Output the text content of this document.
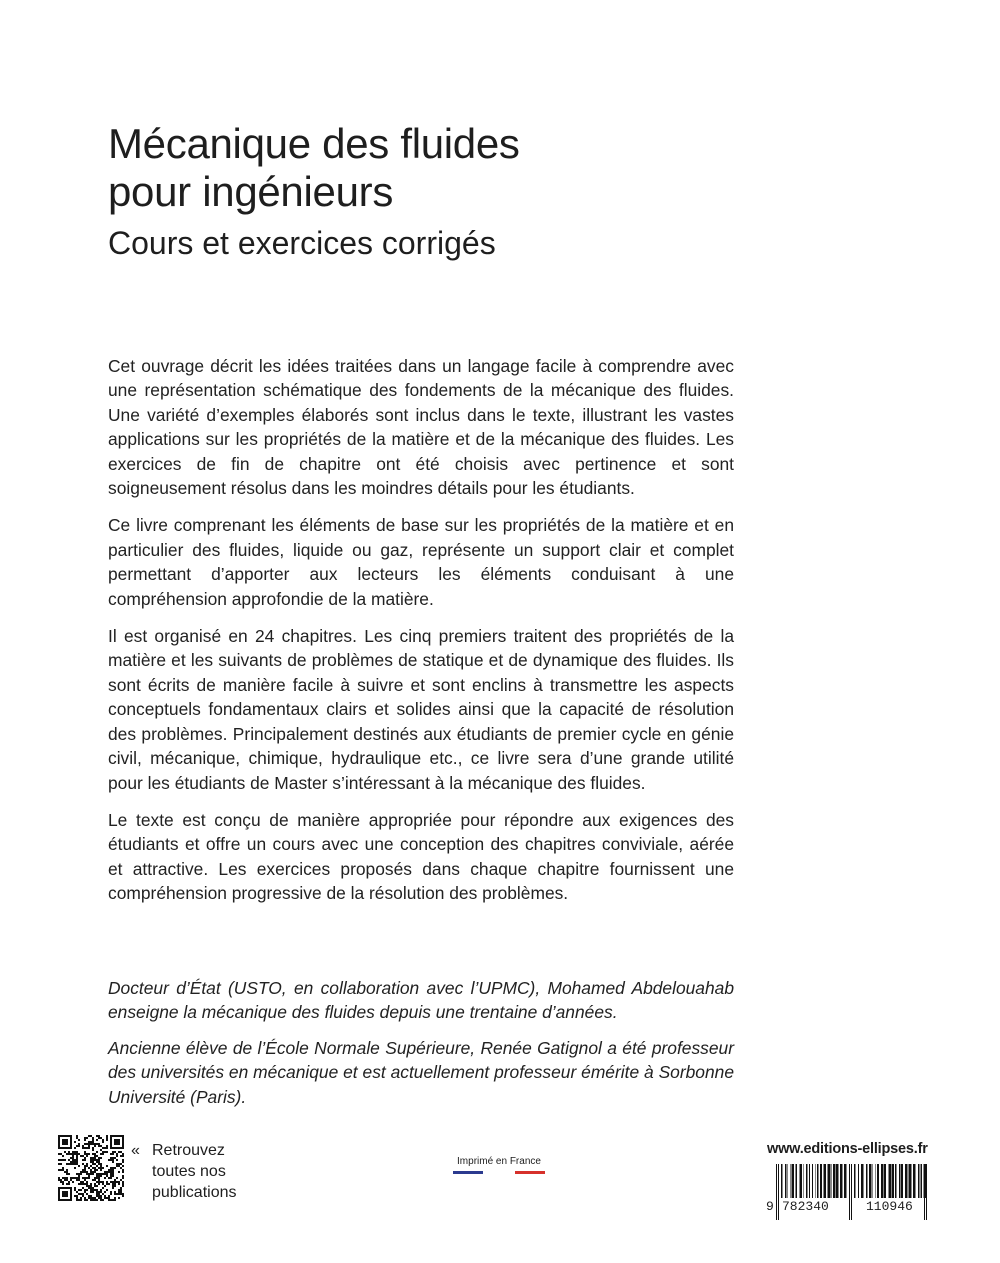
Mécanique des fluides
pour ingénieurs
Cours et exercices corrigés

Cet ouvrage décrit les idées traitées dans un langage facile à comprendre avec une représentation schématique des fondements de la mécanique des fluides. Une variété d’exemples élaborés sont inclus dans le texte, illustrant les vastes applications sur les propriétés de la matière et de la mécanique des fluides. Les exercices de fin de chapitre ont été choisis avec pertinence et sont soigneusement résolus dans les moindres détails pour les étudiants.

Ce livre comprenant les éléments de base sur les propriétés de la matière et en particulier des fluides, liquide ou gaz, représente un support clair et complet permettant d’apporter aux lecteurs les éléments conduisant à une compréhension approfondie de la matière.

Il est organisé en 24 chapitres. Les cinq premiers traitent des propriétés de la matière et les suivants de problèmes de statique et de dynamique des fluides. Ils sont écrits de manière facile à suivre et sont enclins à transmettre les aspects conceptuels fondamentaux clairs et solides ainsi que la capacité de résolution des problèmes. Principalement destinés aux étudiants de premier cycle en génie civil, mécanique, chimique, hydraulique etc., ce livre sera d’une grande utilité pour les étudiants de Master s’intéressant à la mécanique des fluides.

Le texte est conçu de manière appropriée pour répondre aux exigences des étudiants et offre un cours avec une conception des chapitres conviviale, aérée et attractive. Les exercices proposés dans chaque chapitre fournissent une compréhension progressive de la résolution des problèmes.

Docteur d’État (USTO, en collaboration avec l’UPMC), Mohamed Abdelouahab enseigne la mécanique des fluides depuis une trentaine d’années.

Ancienne élève de l’École Normale Supérieure, Renée Gatignol a été professeur des universités en mécanique et est actuellement professeur émérite à Sorbonne Université (Paris).

« Retrouvez
toutes nos
publications
Imprimé en France
www.editions-ellipses.fr
9 782340	110946
